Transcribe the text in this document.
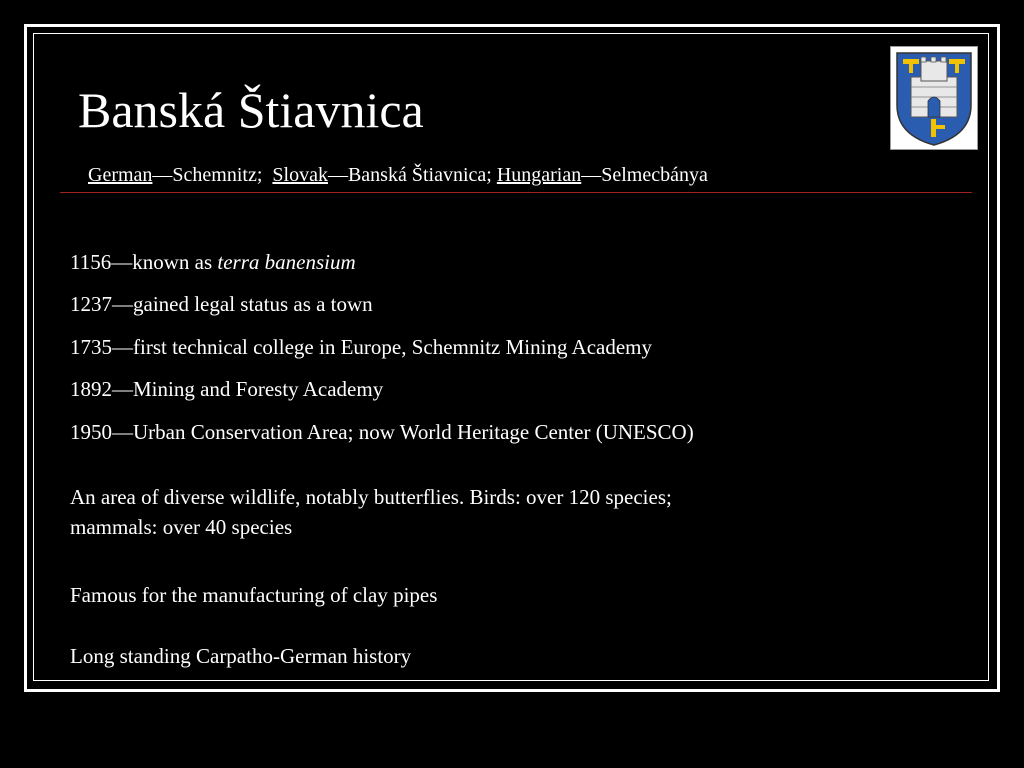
Banská Štiavnica
German—Schemnitz; Slovak—Banská Štiavnica; Hungarian—Selmecbánya
1156—known as terra banensium
1237—gained legal status as a town
1735—first technical college in Europe, Schemnitz Mining Academy
1892—Mining and Foresty Academy
1950—Urban Conservation Area; now World Heritage Center (UNESCO)
An area of diverse wildlife, notably butterflies. Birds: over 120 species;
mammals: over 40 species
Famous for the manufacturing of clay pipes
Long standing Carpatho-German history
